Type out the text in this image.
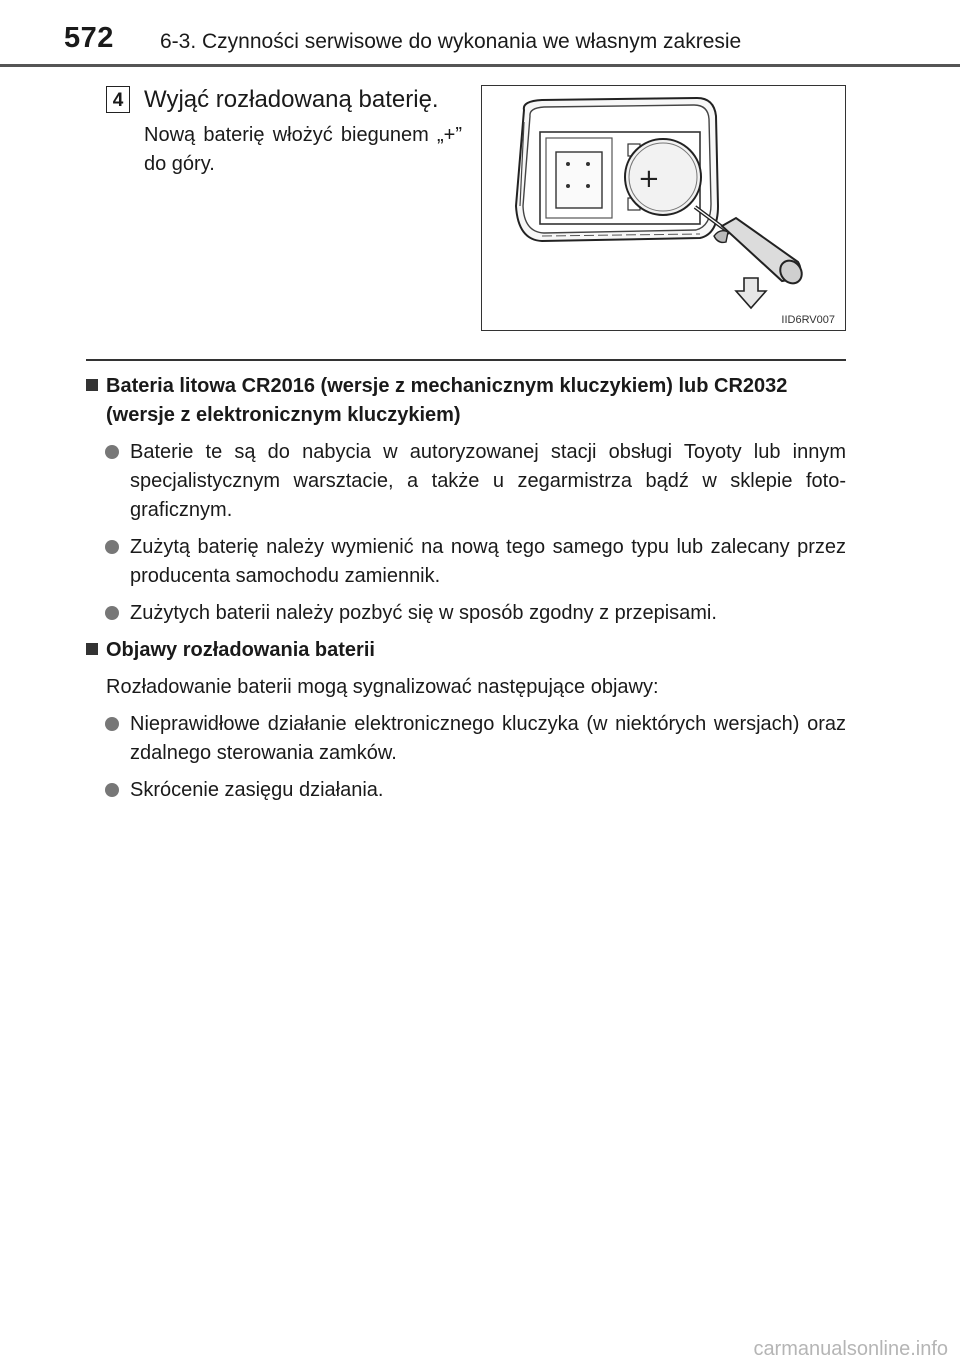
572 6-3. Czynności serwisowe do wykonania we własnym zakresie
4 Wyjąć rozładowaną baterię.
Nową baterię włożyć biegunem „+” do góry.	+
IID6RV007
Bateria litowa CR2016 (wersje z mechanicznym kluczykiem) lub CR2032 (wersje z elektronicznym kluczykiem)
Baterie te są do nabycia w autoryzowanej stacji obsługi Toyoty lub innym specjalistycznym warsztacie, a także u zegarmistrza bądź w sklepie foto-graficznym.
Zużytą baterię należy wymienić na nową tego samego typu lub zalecany przez producenta samochodu zamiennik.
Zużytych baterii należy pozbyć się w sposób zgodny z przepisami.
Objawy rozładowania baterii
Rozładowanie baterii mogą sygnalizować następujące objawy:
Nieprawidłowe działanie elektronicznego kluczyka (w niektórych wersjach) oraz zdalnego sterowania zamków.
Skrócenie zasięgu działania.
carmanualsonline.info
